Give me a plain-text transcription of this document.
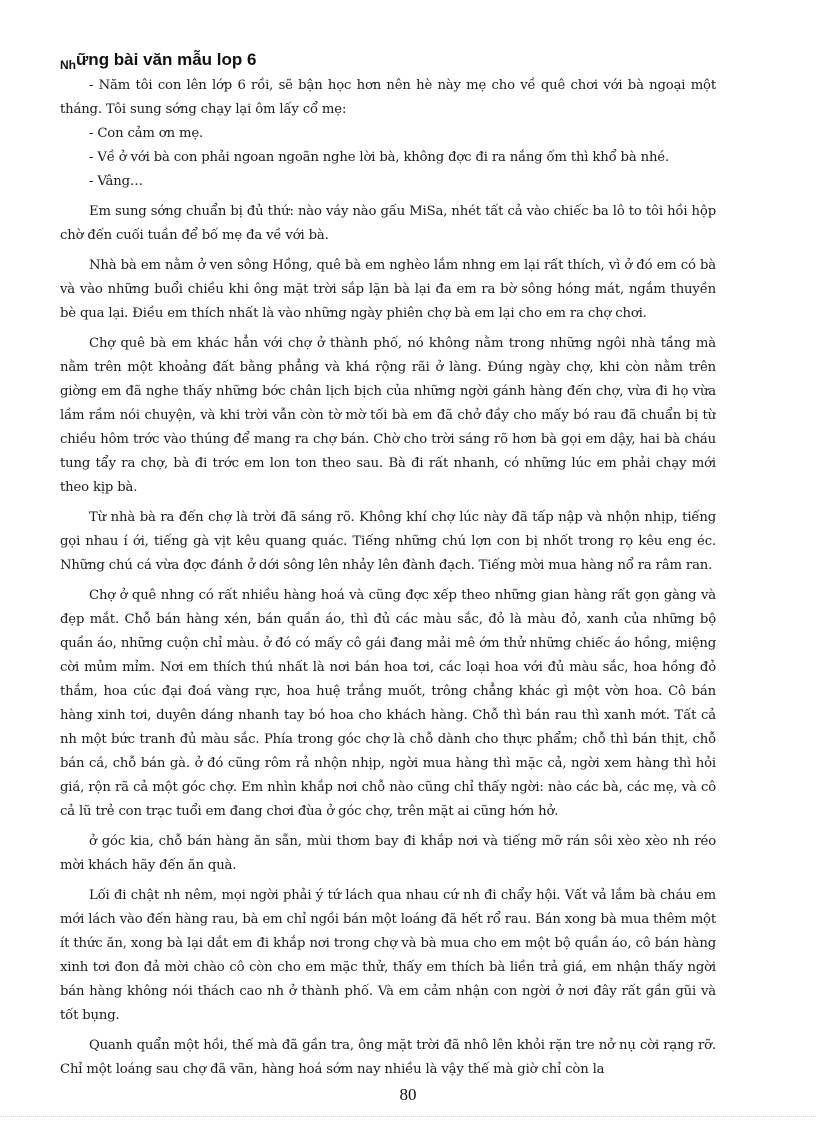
$_{Nh}$ững bài văn mẫu lop 6

- Năm tôi con lên lớp 6 rồi, sẽ bận học hơn nên hè này mẹ cho về quê chơi với bà ngoại một tháng. Tôi sung sớng chạy lại ôm lấy cổ mẹ:

- Con cảm ơn mẹ.

- Về ở với bà con phải ngoan ngoãn nghe lời bà, không đợc đi ra nắng ốm thì khổ bà nhé.

- Vâng…

Em sung sớng chuẩn bị đủ thứ: nào váy nào gấu MiSa, nhét tất cả vào chiếc ba lô to tôi hồi hộp chờ đến cuối tuần để bố mẹ đa về với bà.

Nhà bà em nằm ở ven sông Hồng, quê bà em nghèo lắm nhng em lại rất thích, vì ở đó em có bà và vào những buổi chiều khi ông mặt trời sắp lặn bà lại đa em ra bờ sông hóng mát, ngắm thuyền bè qua lại. Điều em thích nhất là vào những ngày phiên chợ bà em lại cho em ra chợ chơi.

Chợ quê bà em khác hẳn với chợ ở thành phố, nó không nằm trong những ngôi nhà tầng mà nằm trên một khoảng đất bằng phẳng và khá rộng rãi ở làng. Đúng ngày chợ, khi còn nằm trên giờng em đã nghe thấy những bớc chân lịch bịch của những ngời gánh hàng đến chợ, vừa đi họ vừa lầm rầm nói chuyện, và khi trời vẫn còn tờ mờ tối bà em đã chở đầy cho mấy bó rau đã chuẩn bị từ chiều hôm trớc vào thúng để mang ra chợ bán. Chờ cho trời sáng rõ hơn bà gọi em dậy, hai bà cháu tung tẩy ra chợ, bà đi trớc em lon ton theo sau. Bà đi rất nhanh, có những lúc em phải chạy mới theo kịp bà.

Từ nhà bà ra đến chợ là trời đã sáng rõ. Không khí chợ lúc này đã tấp nập và nhộn nhịp, tiếng gọi nhau í ới, tiếng gà vịt kêu quang quác. Tiếng những chú lợn con bị nhốt trong rọ kêu eng éc. Những chú cá vừa đợc đánh ở dới sông lên nhảy lên đành đạch. Tiếng mời mua hàng nổ ra râm ran.

Chợ ở quê nhng có rất nhiều hàng hoá và cũng đợc xếp theo những gian hàng rất gọn gàng và đẹp mắt. Chỗ bán hàng xén, bán quần áo, thì đủ các màu sắc, đỏ là màu đỏ, xanh của những bộ quần áo, những cuộn chỉ màu. ở đó có mấy cô gái đang mải mê ớm thử những chiếc áo hồng, miệng cời mủm mỉm. Nơi em thích thú nhất là nơi bán hoa tơi, các loại hoa với đủ màu sắc, hoa hồng đỏ thắm, hoa cúc đại đoá vàng rực, hoa huệ trắng muốt, trông chẳng khác gì một vờn hoa. Cô bán hàng xinh tơi, duyên dáng nhanh tay bó hoa cho khách hàng. Chỗ thì bán rau thì xanh mớt. Tất cả nh một bức tranh đủ màu sắc. Phía trong góc chợ là chỗ dành cho thực phẩm; chỗ thì bán thịt, chỗ bán cá, chỗ bán gà. ở đó cũng rôm rả nhộn nhịp, ngời mua hàng thì mặc cả, ngời xem hàng thì hỏi giá, rộn rã cả một góc chợ. Em nhìn khắp nơi chỗ nào cũng chỉ thấy ngời: nào các bà, các mẹ, và cô cả lũ trẻ con trạc tuổi em đang chơi đùa ở góc chợ, trên mặt ai cũng hớn hở.

ở góc kia, chỗ bán hàng ăn sẵn, mùi thơm bay đi khắp nơi và tiếng mỡ rán sôi xèo xèo nh réo mời khách hãy đến ăn quà.

Lối đi chật nh nêm, mọi ngời phải ý tứ lách qua nhau cứ nh đi chẩy hội. Vất vả lắm bà cháu em mới lách vào đến hàng rau, bà em chỉ ngồi bán một loáng đã hết rổ rau. Bán xong bà mua thêm một ít thức ăn, xong bà lại dắt em đi khắp nơi trong chợ và bà mua cho em một bộ quần áo, cô bán hàng xinh tơi đon đả mời chào cô còn cho em mặc thử, thấy em thích bà liền trả giá, em nhận thấy ngời bán hàng không nói thách cao nh ở thành phố. Và em cảm nhận con ngời ở nơi đây rất gần gũi và tốt bụng.

Quanh quẩn một hồi, thế mà đã gần tra, ông mặt trời đã nhô lên khỏi rặn tre nở nụ cời rạng rỡ. Chỉ một loáng sau chợ đã vãn, hàng hoá sớm nay nhiều là vậy thế mà giờ chỉ còn la

80
